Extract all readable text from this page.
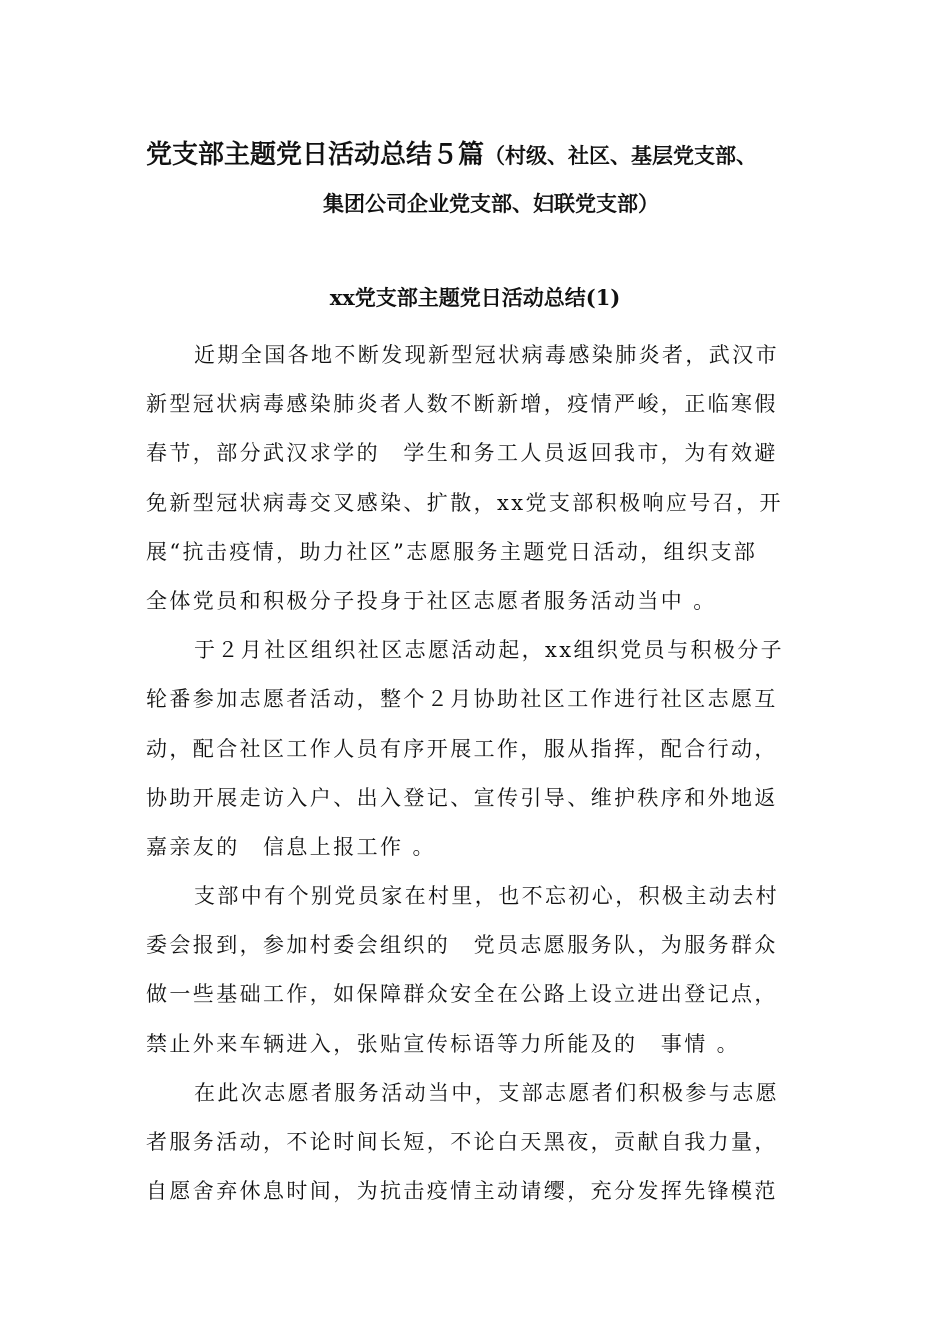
党支部主题党日活动总结５篇（村级、社区、基层党支部、
集团公司企业党支部、妇联党支部）
xx党支部主题党日活动总结(1)
近期全国各地不断发现新型冠状病毒感染肺炎者，武汉市
新型冠状病毒感染肺炎者人数不断新增，疫情严峻，正临寒假
春节，部分武汉求学的　学生和务工人员返回我市，为有效避
免新型冠状病毒交叉感染、扩散，xx党支部积极响应号召，开
展“抗击疫情，助力社区”志愿服务主题党日活动，组织支部
全体党员和积极分子投身于社区志愿者服务活动当中 。
于２月社区组织社区志愿活动起，xx组织党员与积极分子
轮番参加志愿者活动，整个２月协助社区工作进行社区志愿互
动，配合社区工作人员有序开展工作，服从指挥，配合行动，
协助开展走访入户、出入登记、宣传引导、维护秩序和外地返
嘉亲友的　信息上报工作 。
支部中有个别党员家在村里，也不忘初心，积极主动去村
委会报到，参加村委会组织的　党员志愿服务队，为服务群众
做一些基础工作，如保障群众安全在公路上设立进出登记点，
禁止外来车辆进入，张贴宣传标语等力所能及的　事情 。
在此次志愿者服务活动当中，支部志愿者们积极参与志愿
者服务活动，不论时间长短，不论白天黑夜，贡献自我力量，
自愿舍弃休息时间，为抗击疫情主动请缨，充分发挥先锋模范
